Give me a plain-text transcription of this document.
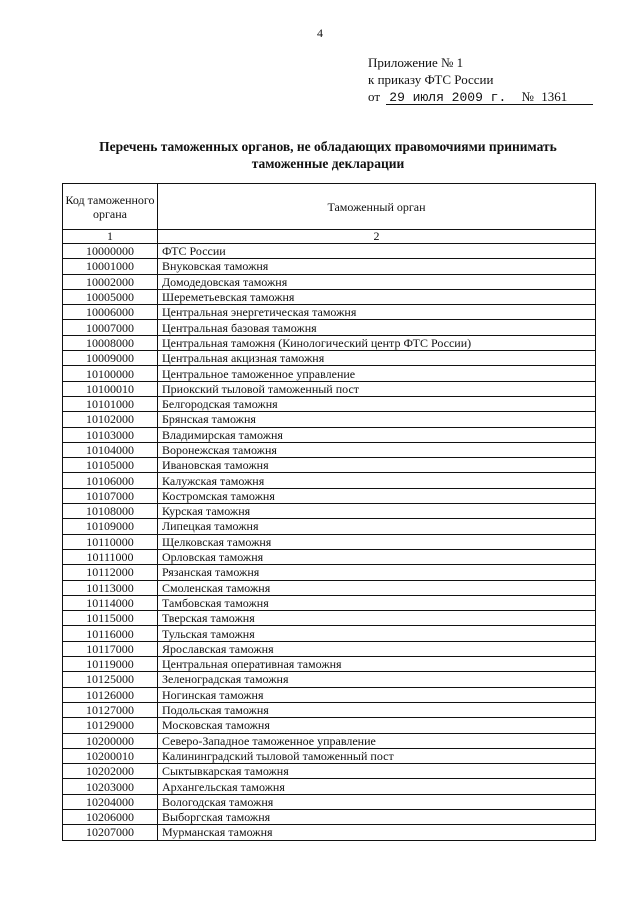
4
Приложение № 1
к приказу ФТС России
от 29 июля 2009 г. № 1361
Перечень таможенных органов, не обладающих правомочиями принимать таможенные декларации
Код таможенного органа	Таможенный орган
1	2
10000000	ФТС России
10001000	Внуковская таможня
10002000	Домодедовская таможня
10005000	Шереметьевская таможня
10006000	Центральная энергетическая таможня
10007000	Центральная базовая таможня
10008000	Центральная таможня (Кинологический центр ФТС России)
10009000	Центральная акцизная таможня
10100000	Центральное таможенное управление
10100010	Приокский тыловой таможенный пост
10101000	Белгородская таможня
10102000	Брянская таможня
10103000	Владимирская таможня
10104000	Воронежская таможня
10105000	Ивановская таможня
10106000	Калужская таможня
10107000	Костромская таможня
10108000	Курская таможня
10109000	Липецкая таможня
10110000	Щелковская таможня
10111000	Орловская таможня
10112000	Рязанская таможня
10113000	Смоленская таможня
10114000	Тамбовская таможня
10115000	Тверская таможня
10116000	Тульская таможня
10117000	Ярославская таможня
10119000	Центральная оперативная таможня
10125000	Зеленоградская таможня
10126000	Ногинская таможня
10127000	Подольская таможня
10129000	Московская таможня
10200000	Северо-Западное таможенное управление
10200010	Калининградский тыловой таможенный пост
10202000	Сыктывкарская таможня
10203000	Архангельская таможня
10204000	Вологодская таможня
10206000	Выборгская таможня
10207000	Мурманская таможня
